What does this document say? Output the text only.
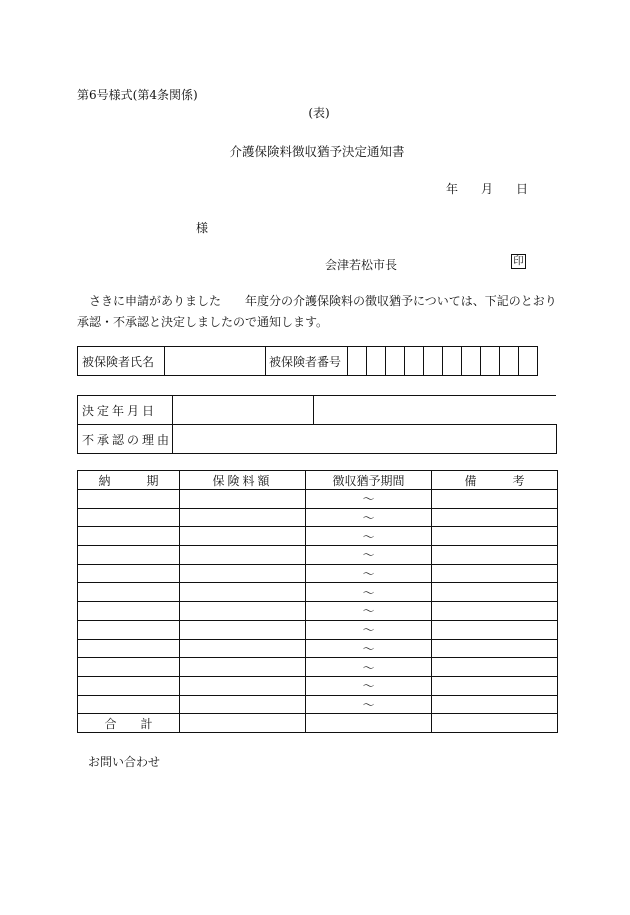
第6号様式(第4条関係)
(表)
介護保険料徴収猶予決定通知書
年 月 日
様
会津若松市長	印
さきに申請がありました　　年度分の介護保険料の徴収猶予については、下記のとおり
承認・不承認と決定しましたので通知します。
被保険者氏名		被保険者番号										
決定年月日		
不承認の理由		
納　　　期	保険料額	徴収猶予期間	備　　　考
		～	
		～	
		～	
		～	
		～	
		～	
		～	
		～	
		～	
		～	
		～	
		～	
合　　計			
お問い合わせ
